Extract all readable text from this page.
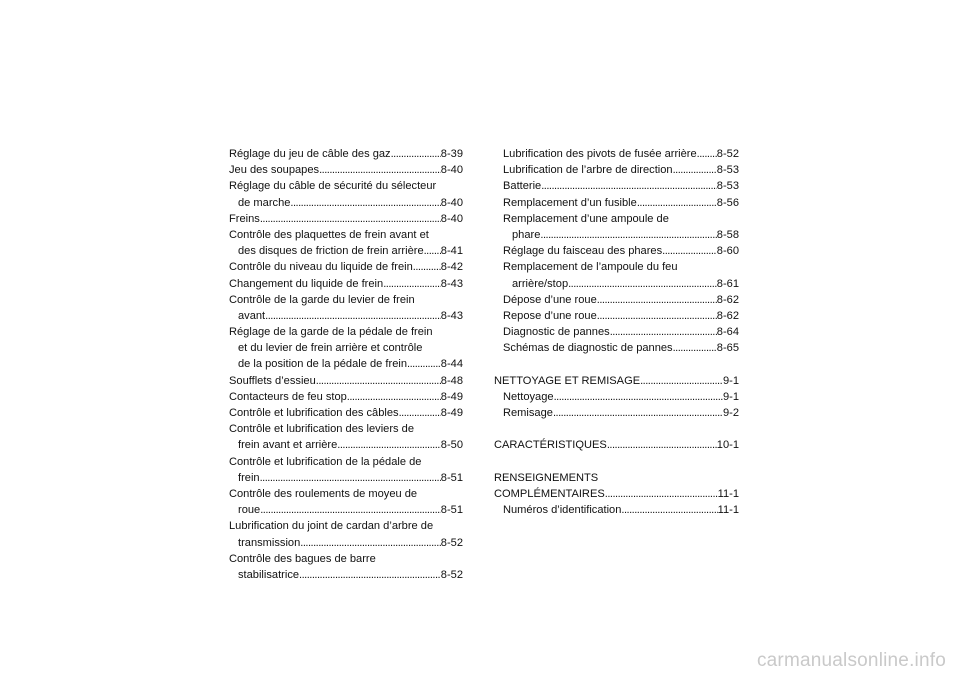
Réglage du jeu de câble des gaz . . .	8-39
Jeu des soupapes . . .	8-40
Réglage du câble de sécurité du sélecteur
de marche . . .	8-40
Freins . . .	8-40
Contrôle des plaquettes de frein avant et
des disques de friction de frein arrière . . . 8-41
Contrôle du niveau du liquide de frein . . .	8-42
Changement du liquide de frein . . .	8-43
Contrôle de la garde du levier de frein
avant . . .	8-43
Réglage de la garde de la pédale de frein
et du levier de frein arrière et contrôle
de la position de la pédale de frein . . .	8-44
Soufflets d’essieu . . .	8-48
Contacteurs de feu stop . . .	8-49
Contrôle et lubrification des câbles . . .	8-49
Contrôle et lubrification des leviers de
frein avant et arrière . . .	8-50
Contrôle et lubrification de la pédale de
frein . . .	8-51
Contrôle des roulements de moyeu de
roue . . .	8-51
Lubrification du joint de cardan d’arbre de
transmission . . .	8-52
Contrôle des bagues de barre
stabilisatrice . . .	8-52
Lubrification des pivots de fusée arrière . . . 8-52
Lubrification de l’arbre de direction . . .	8-53
Batterie . . .	8-53
Remplacement d’un fusible . . .	8-56
Remplacement d’une ampoule de
phare . . .	8-58
Réglage du faisceau des phares . . .	8-60
Remplacement de l’ampoule du feu
arrière/stop . . .	8-61
Dépose d’une roue . . .	8-62
Repose d’une roue . . .	8-62
Diagnostic de pannes . . .	8-64
Schémas de diagnostic de pannes . . .	8-65
NETTOYAGE ET REMISAGE . . .	9-1
Nettoyage . . .	9-1
Remisage . . .	9-2
CARACTÉRISTIQUES . . .	10-1
RENSEIGNEMENTS
COMPLÉMENTAIRES . . .	11-1
Numéros d’identification . . .	11-1
carmanualsonline.info
